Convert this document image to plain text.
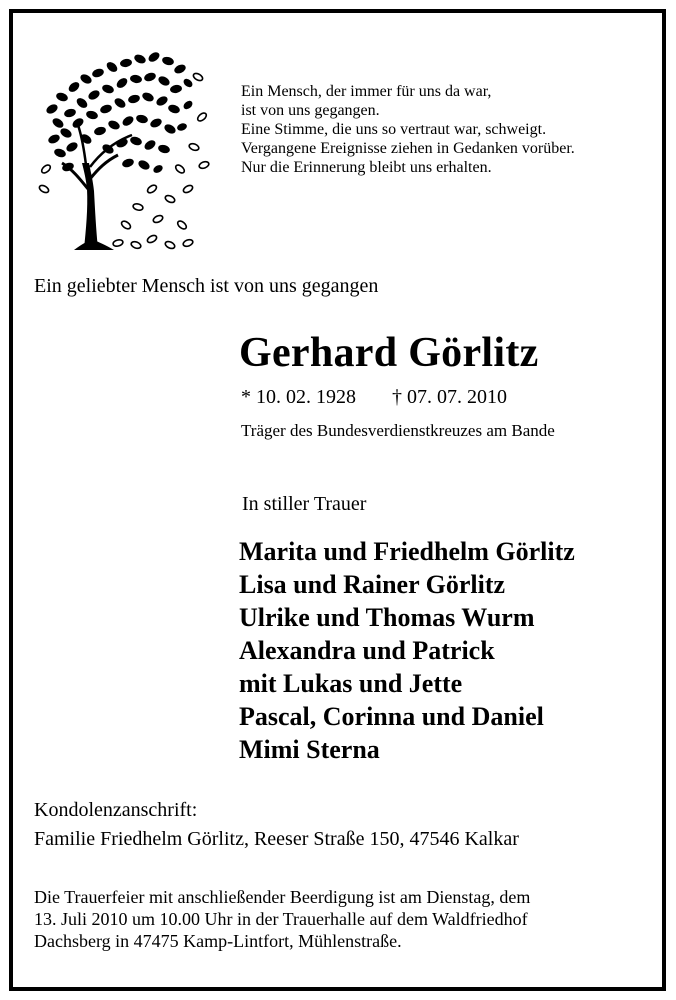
Ein Mensch, der immer für uns da war,
ist von uns gegangen.
Eine Stimme, die uns so vertraut war, schweigt.
Vergangene Ereignisse ziehen in Gedanken vorüber.
Nur die Erinnerung bleibt uns erhalten.
Ein geliebter Mensch ist von uns gegangen
Gerhard Görlitz
* 10. 02. 1928 † 07. 07. 2010
Träger des Bundesverdienstkreuzes am Bande
In stiller Trauer
Marita und Friedhelm Görlitz
Lisa und Rainer Görlitz
Ulrike und Thomas Wurm
Alexandra und Patrick
mit Lukas und Jette
Pascal, Corinna und Daniel
Mimi Sterna
Kondolenzanschrift:
Familie Friedhelm Görlitz, Reeser Straße 150, 47546 Kalkar
Die Trauerfeier mit anschließender Beerdigung ist am Dienstag, dem
13. Juli 2010 um 10.00 Uhr in der Trauerhalle auf dem Waldfriedhof
Dachsberg in 47475 Kamp-Lintfort, Mühlenstraße.
